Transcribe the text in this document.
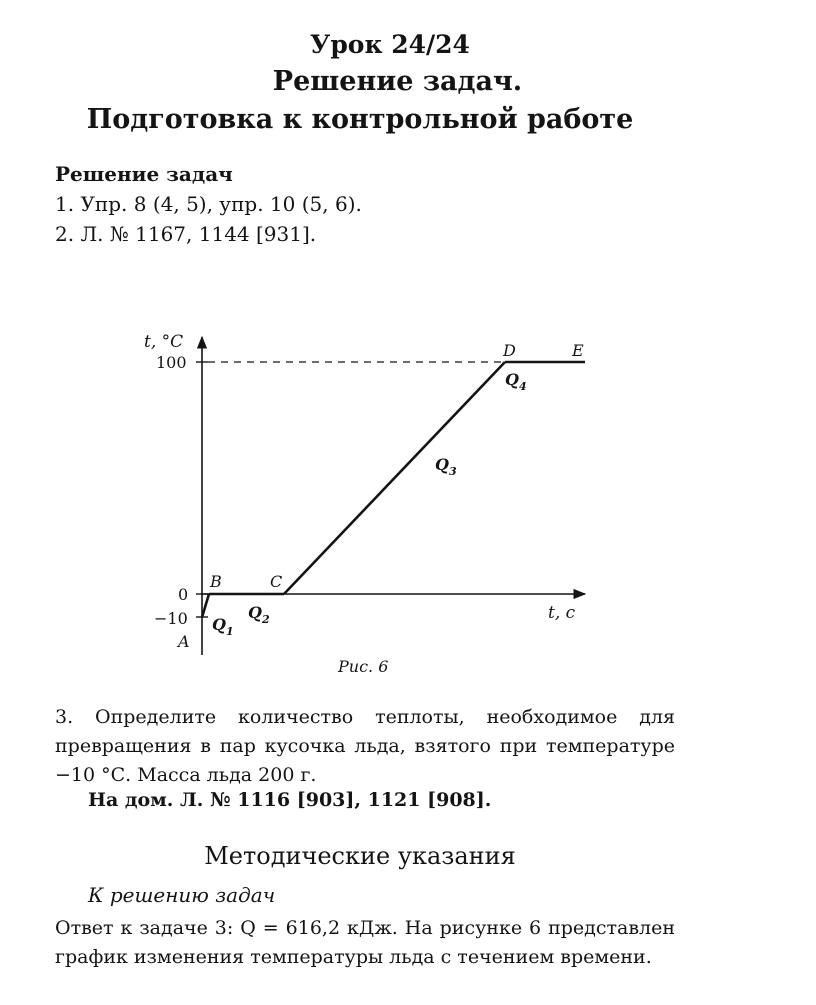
Урок 24/24
Решение задач.
Подготовка к контрольной работе
Решение задач
1. Упр. 8 (4, 5), упр. 10 (5, 6).
2. Л. № 1167, 1144 [931].
t, °C
t, c
100
0
−10
A
B	C
D	E
$Q_1$
$Q_2$
$Q_3$
$Q_4$
Рис. 6
3. Определите количество теплоты, необходимое для превращения в пар кусочка льда, взятого при температуре −10 °С. Масса льда 200 г.
На дом. Л. № 1116 [903], 1121 [908].
Методические указания
К решению задач
Ответ к задаче 3: Q = 616,2 кДж. На рисунке 6 представлен график изменения температуры льда с течением времени.
